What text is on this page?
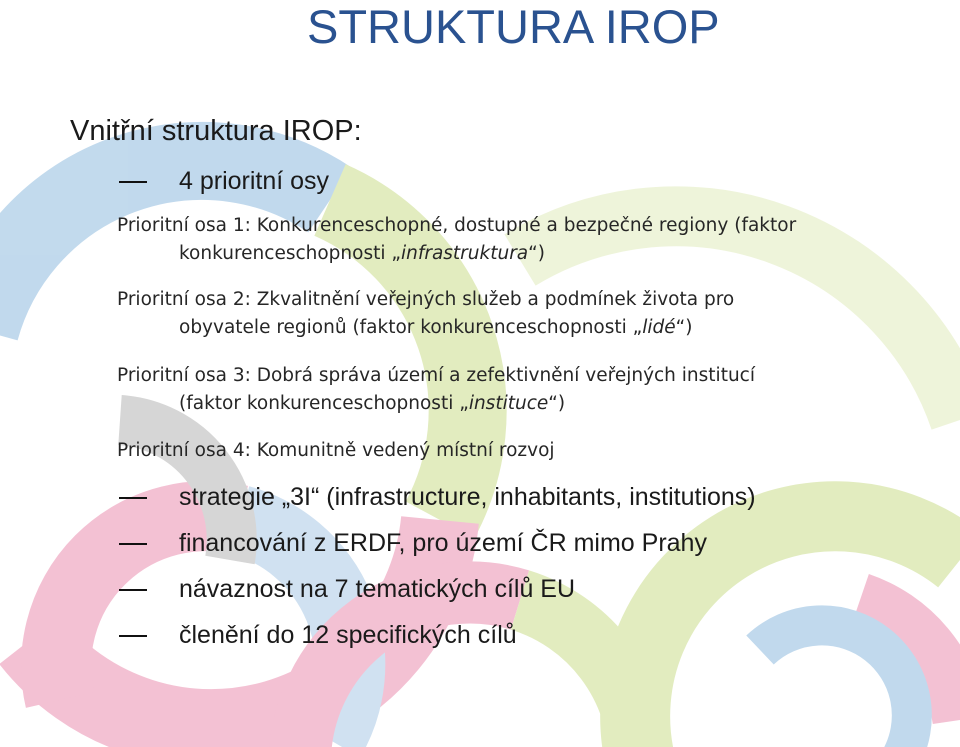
STRUKTURA IROP
Vnitřní struktura IROP:
4 prioritní osy
Prioritní osa 1: Konkurenceschopné, dostupné a bezpečné regiony (faktor
konkurenceschopnosti „infrastruktura“)
Prioritní osa 2: Zkvalitnění veřejných služeb a podmínek života pro
obyvatele regionů (faktor konkurenceschopnosti „lidé“)
Prioritní osa 3: Dobrá správa území a zefektivnění veřejných institucí
(faktor konkurenceschopnosti „instituce“)
Prioritní osa 4: Komunitně vedený místní rozvoj
strategie „3I“ (infrastructure, inhabitants, institutions)
financování z ERDF, pro území ČR mimo Prahy
návaznost na 7 tematických cílů EU
členění do 12 specifických cílů
